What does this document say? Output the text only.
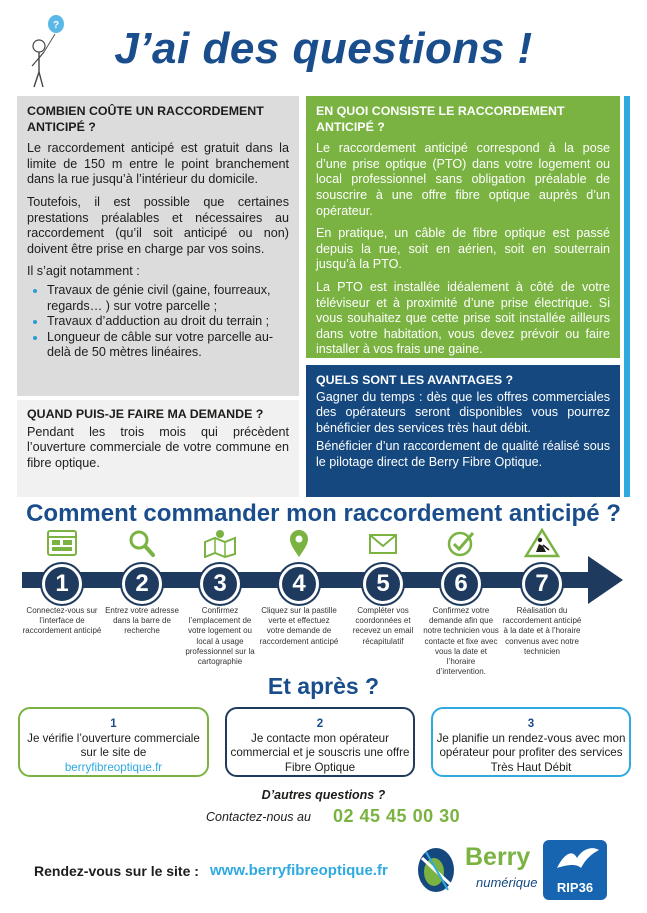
?	J’ai des questions !
COMBIEN COÛTE UN RACCORDEMENT ANTICIPÉ ?

Le raccordement anticipé est gratuit dans la limite de 150 m entre le point branchement dans la rue jusqu’à l’intérieur du domicile.

Toutefois, il est possible que certaines prestations préalables et nécessaires au raccordement (qu’il soit anticipé ou non) doivent être prise en charge par vos soins.

Il s’agit notamment :

• Travaux de génie civil (gaine, fourreaux, regards… ) sur votre parcelle ;
• Travaux d’adduction au droit du terrain ;
• Longueur de câble sur votre parcelle au-delà de 50 mètres linéaires.
QUAND PUIS-JE FAIRE MA DEMANDE ?

Pendant les trois mois qui précèdent l’ouverture commerciale de votre commune en fibre optique.

EN QUOI CONSISTE LE RACCORDEMENT ANTICIPÉ ?

Le raccordement anticipé correspond à la pose d’une prise optique (PTO) dans votre logement ou local professionnel sans obligation préalable de souscrire à une offre fibre optique auprès d’un opérateur.

En pratique, un câble de fibre optique est passé depuis la rue, soit en aérien, soit en souterrain jusqu’à la PTO.

La PTO est installée idéalement à côté de votre téléviseur et à proximité d’une prise électrique. Si vous souhaitez que cette prise soit installée ailleurs dans votre habitation, vous devez prévoir ou faire installer à vos frais une gaine.

QUELS SONT LES AVANTAGES ?

Gagner du temps : dès que les offres commerciales des opérateurs seront disponibles vous pourrez bénéficier des services très haut débit.

Bénéficier d’un raccordement de qualité réalisé sous le pilotage direct de Berry Fibre Optique.

Comment commander mon raccordement anticipé ?
1
Connectez-vous sur l’interface de raccordement anticipé
2
Entrez votre adresse dans la barre de recherche
3
Confirmez l’emplacement de votre logement ou local à usage professionnel sur la cartographie
4
Cliquez sur la pastille verte et effectuez votre demande de raccordement anticipé
5
Compléter vos coordonnées et recevez un email récapitulatif
6
Confirmez votre demande afin que notre technicien vous contacte et fixe avec vous la date et l’horaire d’intervention.
7
Réalisation du raccordement anticipé à la date et à l’horaire convenus avec notre technicien
Et après ?
1
Je vérifie l’ouverture commerciale sur le site de
berryfibreoptique.fr
2
Je contacte mon opérateur commercial et je souscris une offre Fibre Optique
3
Je planifie un rendez-vous avec mon opérateur pour profiter des services Très Haut Débit
D’autres questions ?
Contactez-nous au 02 45 45 00 30
Rendez-vous sur le site : www.berryfibreoptique.fr	Berry
numérique	RIP36
